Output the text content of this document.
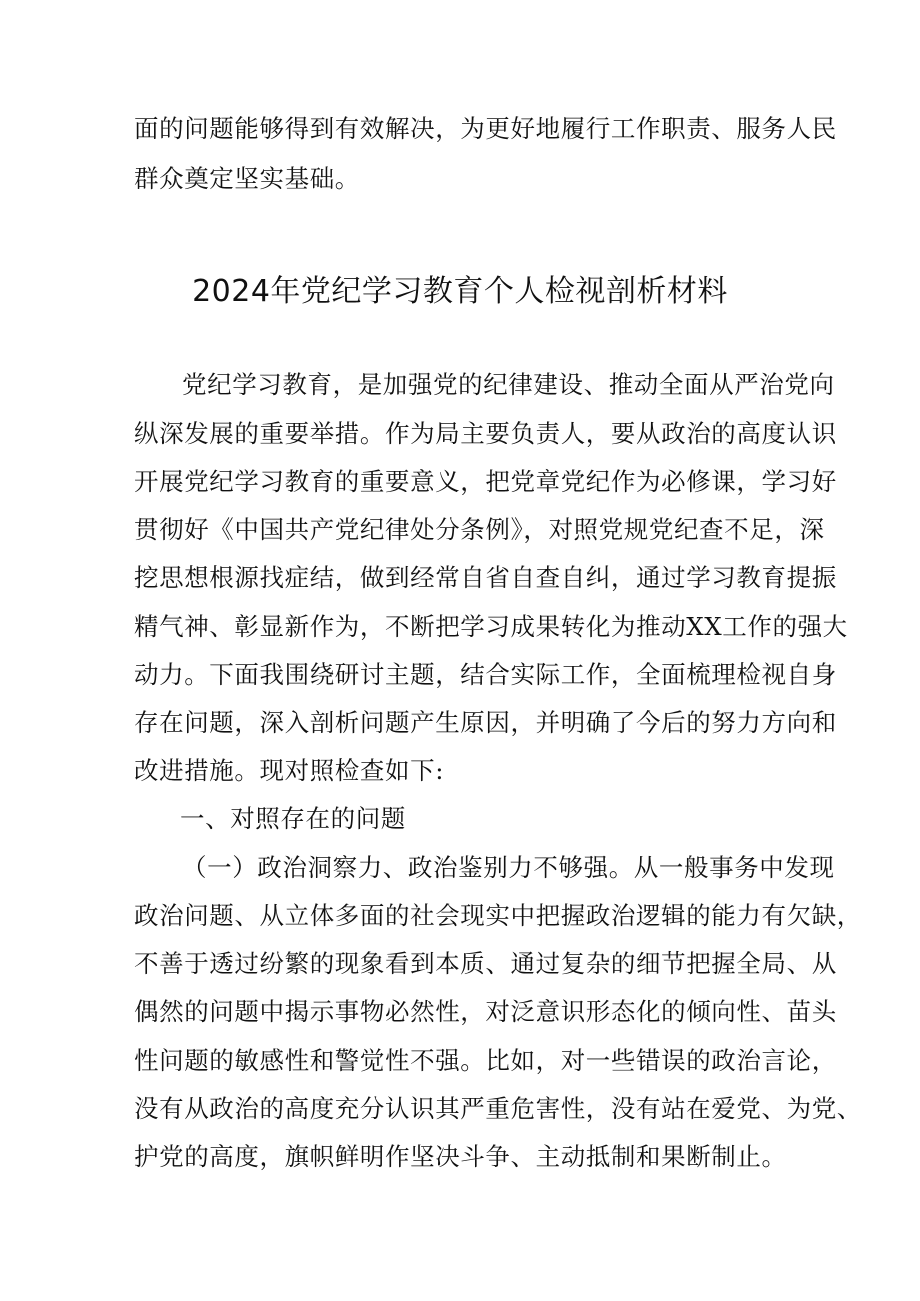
面的问题能够得到有效解决，为更好地履行工作职责、服务人民
群众奠定坚实基础。
2024年党纪学习教育个人检视剖析材料
党纪学习教育，是加强党的纪律建设、推动全面从严治党向
纵深发展的重要举措。作为局主要负责人，要从政治的高度认识
开展党纪学习教育的重要意义，把党章党纪作为必修课，学习好
贯彻好《中国共产党纪律处分条例》，对照党规党纪查不足，深
挖思想根源找症结，做到经常自省自查自纠，通过学习教育提振
精气神、彰显新作为，不断把学习成果转化为推动XX工作的强大
动力。下面我围绕研讨主题，结合实际工作，全面梳理检视自身
存在问题，深入剖析问题产生原因，并明确了今后的努力方向和
改进措施。现对照检查如下:
一、对照存在的问题
（一）政治洞察力、政治鉴别力不够强。从一般事务中发现
政治问题、从立体多面的社会现实中把握政治逻辑的能力有欠缺，
不善于透过纷繁的现象看到本质、通过复杂的细节把握全局、从
偶然的问题中揭示事物必然性，对泛意识形态化的倾向性、苗头
性问题的敏感性和警觉性不强。比如，对一些错误的政治言论，
没有从政治的高度充分认识其严重危害性，没有站在爱党、为党、
护党的高度，旗帜鲜明作坚决斗争、主动抵制和果断制止。
